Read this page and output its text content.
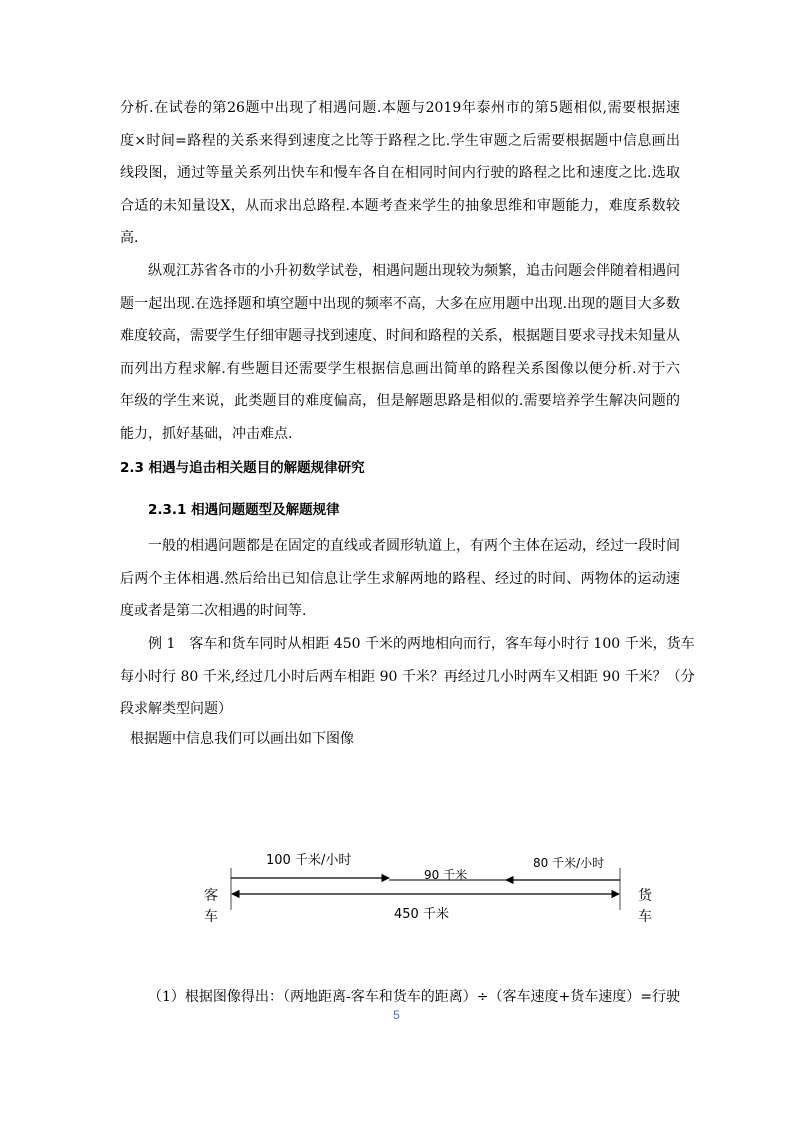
分析.在试卷的第26题中出现了相遇问题.本题与2019年泰州市的第5题相似,需要根据速
度×时间=路程的关系来得到速度之比等于路程之比.学生审题之后需要根据题中信息画出
线段图，通过等量关系列出快车和慢车各自在相同时间内行驶的路程之比和速度之比.选取
合适的未知量设X，从而求出总路程.本题考查来学生的抽象思维和审题能力，难度系数较
高.
纵观江苏省各市的小升初数学试卷，相遇问题出现较为频繁，追击问题会伴随着相遇问
题一起出现.在选择题和填空题中出现的频率不高，大多在应用题中出现.出现的题目大多数
难度较高，需要学生仔细审题寻找到速度、时间和路程的关系，根据题目要求寻找未知量从
而列出方程求解.有些题目还需要学生根据信息画出简单的路程关系图像以便分析.对于六
年级的学生来说，此类题目的难度偏高，但是解题思路是相似的.需要培养学生解决问题的
能力，抓好基础，冲击难点.
2.3 相遇与追击相关题目的解题规律研究
2.3.1 相遇问题题型及解题规律
一般的相遇问题都是在固定的直线或者圆形轨道上，有两个主体在运动，经过一段时间
后两个主体相遇.然后给出已知信息让学生求解两地的路程、经过的时间、两物体的运动速
度或者是第二次相遇的时间等.
例 1　客车和货车同时从相距 450 千米的两地相向而行，客车每小时行 100 千米，货车
每小时行 80 千米,经过几小时后两车相距 90 千米？再经过几小时两车又相距 90 千米？（分
段求解类型问题）
根据题中信息我们可以画出如下图像
100 千米/小时
90 千米
80 千米/小时
450 千米
客
车
货
车
（1）根据图像得出：（两地距离-客车和货车的距离）÷（客车速度+货车速度）=行驶
5
